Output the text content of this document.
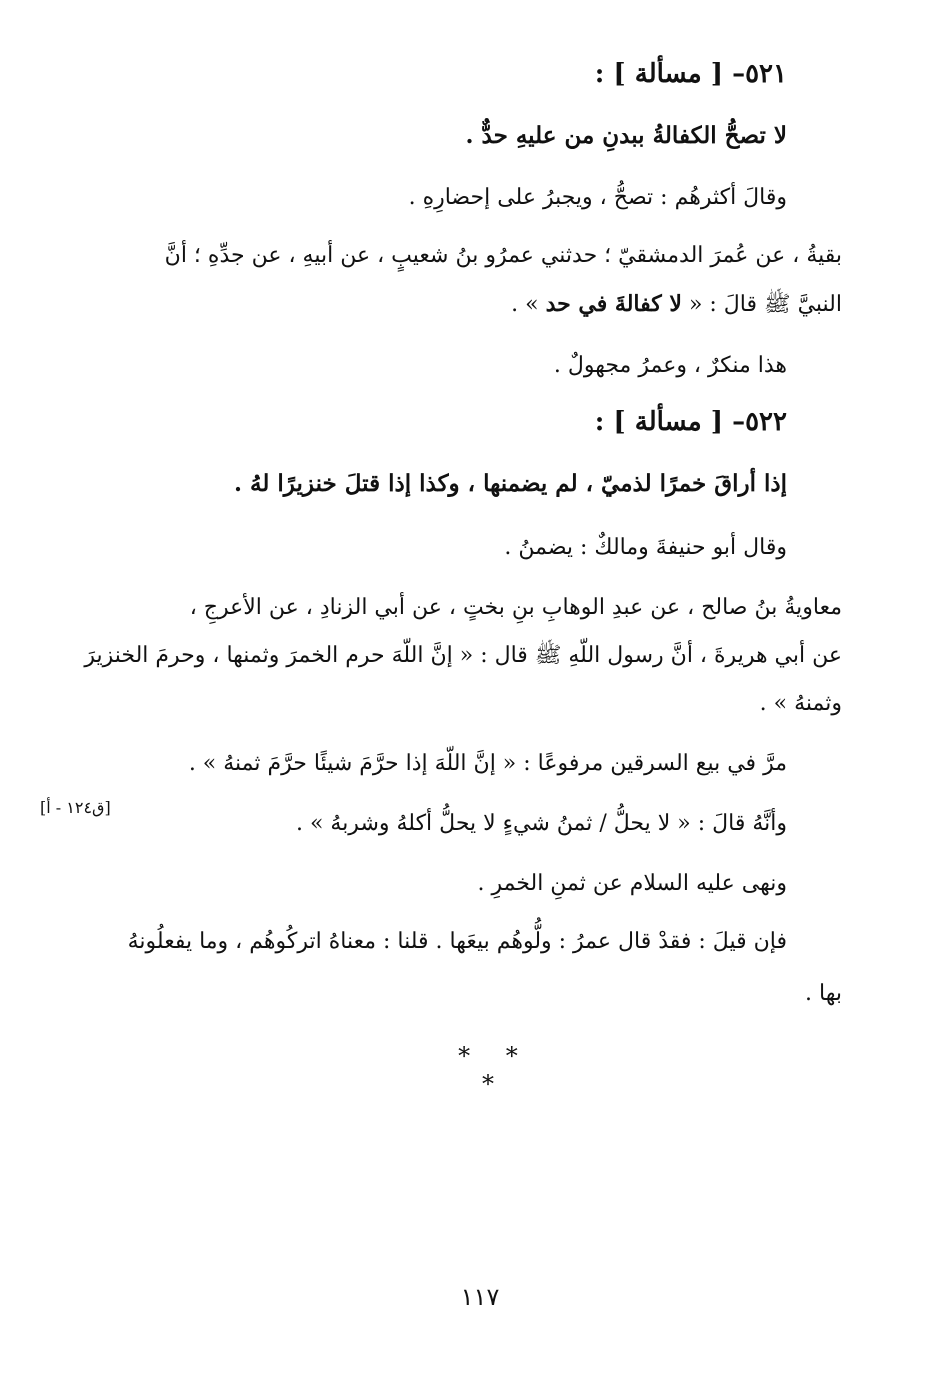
٥٢١– [ مسألة ] :
لا تصحُّ الكفالةُ ببدنِ من عليهِ حدٌّ .
وقالَ أكثرهُم : تصحُّ ، ويجبرُ على إحضارِهِ .
بقيةُ ، عن عُمرَ الدمشقيّ ؛ حدثني عمرُو بنُ شعيبٍ ، عن أبيهِ ، عن جدِّهِ ؛ أنَّ
النبيَّ ﷺ قالَ : « لا كفالةَ في حد » .
هذا منكرٌ ، وعمرُ مجهولٌ .
٥٢٢– [ مسألة ] :
إذا أراقَ خمرًا لذميّ ، لم يضمنها ، وكذا إذا قتلَ خنزيرًا لهُ .
وقال أبو حنيفةَ ومالكٌ : يضمنُ .
معاويةُ بنُ صالح ، عن عبدِ الوهابِ بنِ بختٍ ، عن أبي الزنادِ ، عن الأعرجِ ،
عن أبي هريرةَ ، أنَّ رسول اللّهِ ﷺ قال : « إنَّ اللّهَ حرم الخمرَ وثمنها ، وحرمَ الخنزيرَ
وثمنهُ » .
مرَّ في بيع السرقين مرفوعًا : « إنَّ اللّهَ إذا حرَّمَ شيئًا حرَّمَ ثمنهُ » .
وأنَّهُ قالَ : « لا يحلُّ / ثمنُ شيءٍ لا يحلُّ أكلهُ وشربهُ » .
[ق١٢٤ - أ]
ونهى عليه السلام عن ثمنِ الخمرِ .
فإن قيلَ : فقدْ قال عمرُ : ولُّوهُم بيعَها . قلنا : معناهُ اتركُوهُم ، وما يفعلُونهُ
بها .
* * *
١١٧
